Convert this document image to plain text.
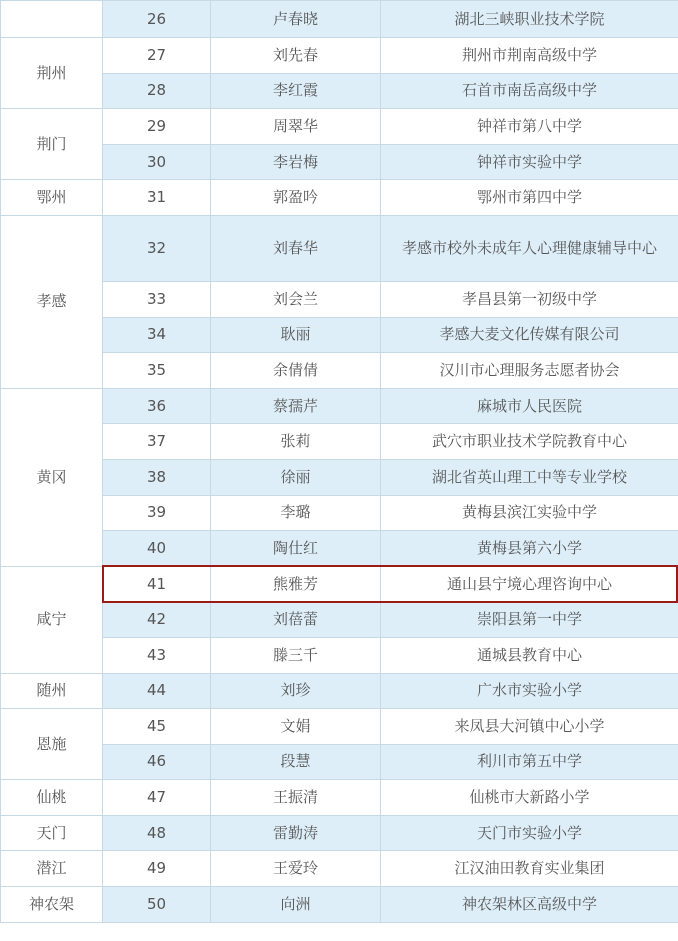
	26	卢春晓	湖北三峡职业技术学院
荆州	27	刘先春	荆州市荆南高级中学
	28	李红霞	石首市南岳高级中学
荆门	29	周翠华	钟祥市第八中学
	30	李岩梅	钟祥市实验中学
鄂州	31	郭盈吟	鄂州市第四中学
孝感	32	刘春华	孝感市校外未成年人心理健康辅导中心
	33	刘会兰	孝昌县第一初级中学
	34	耿丽	孝感大麦文化传媒有限公司
	35	余倩倩	汉川市心理服务志愿者协会
黄冈	36	蔡孺芹	麻城市人民医院
	37	张莉	武穴市职业技术学院教育中心
	38	徐丽	湖北省英山理工中等专业学校
	39	李璐	黄梅县滨江实验中学
	40	陶仕红	黄梅县第六小学
咸宁	41	熊雅芳	通山县宁境心理咨询中心
	42	刘蓓蕾	崇阳县第一中学
	43	滕三千	通城县教育中心
随州	44	刘珍	广水市实验小学
恩施	45	文娟	来凤县大河镇中心小学
	46	段慧	利川市第五中学
仙桃	47	王振清	仙桃市大新路小学
天门	48	雷勤涛	天门市实验小学
潜江	49	王爱玲	江汉油田教育实业集团
神农架	50	向洲	神农架林区高级中学
